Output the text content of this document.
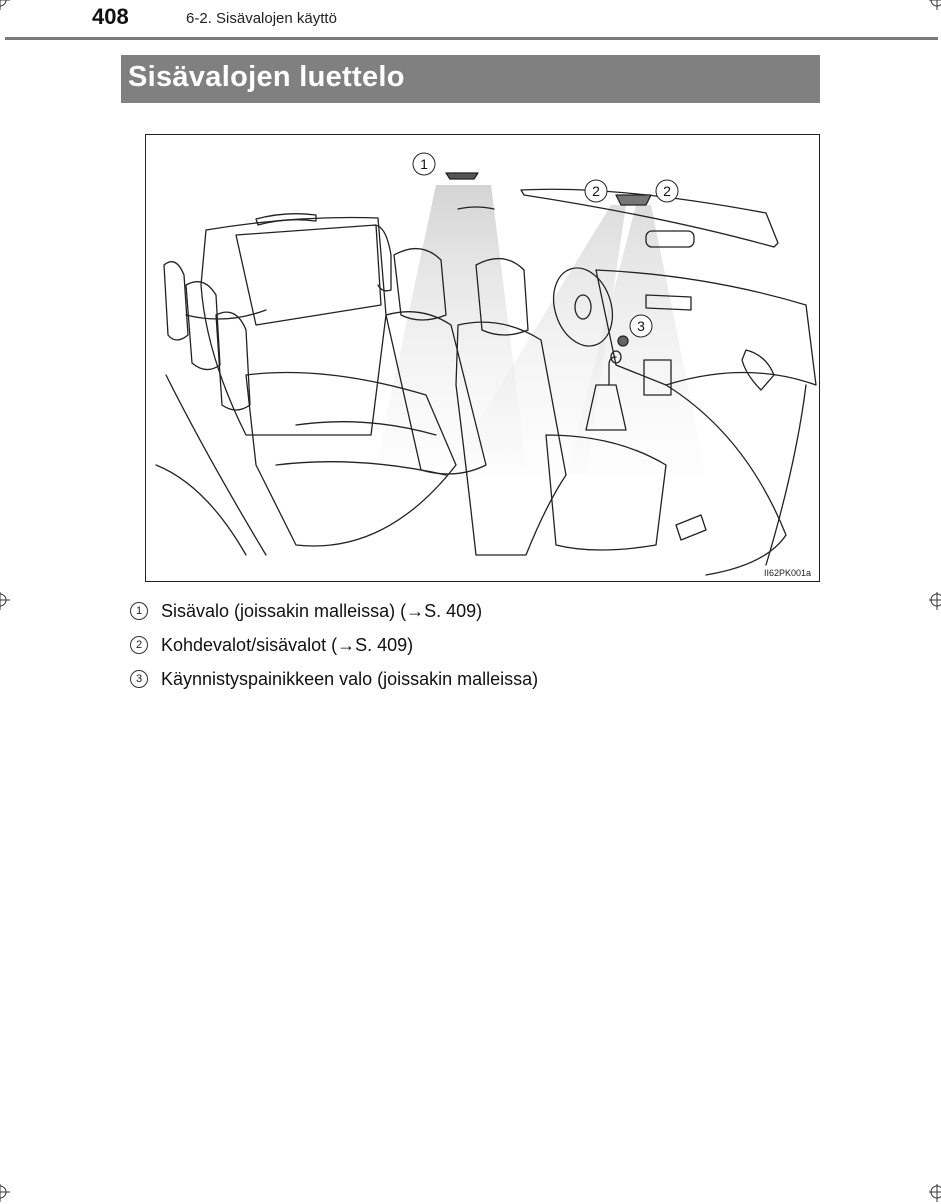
408	6-2. Sisävalojen käyttö
Sisävalojen luettelo
1
2	2
3
II62PK001a
1	Sisävalo (joissakin malleissa) (→S. 409)
2	Kohdevalot/sisävalot (→S. 409)
3	Käynnistyspainikkeen valo (joissakin malleissa)
